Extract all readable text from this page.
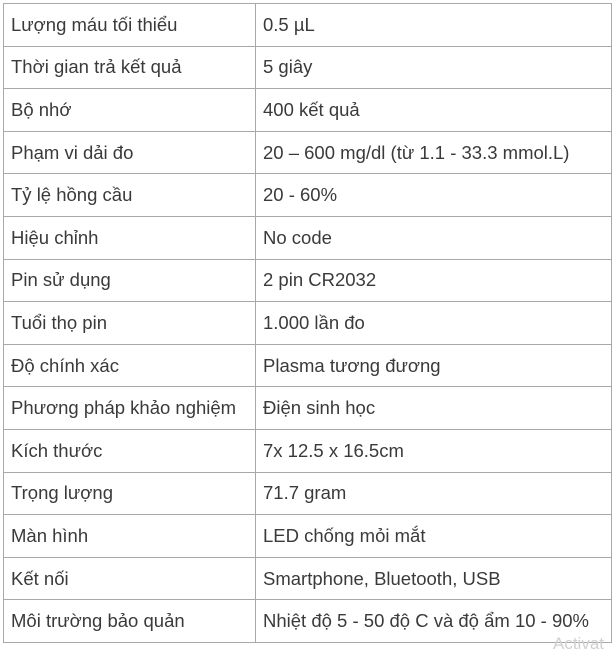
Lượng máu tối thiểu	0.5 µL
Thời gian trả kết quả	5 giây
Bộ nhớ	400 kết quả
Phạm vi dải đo	20 – 600 mg/dl (từ 1.1 - 33.3 mmol.L)
Tỷ lệ hồng cầu	20 - 60%
Hiệu chỉnh	No code
Pin sử dụng	2 pin CR2032
Tuổi thọ pin	1.000 lần đo
Độ chính xác	Plasma tương đương
Phương pháp khảo nghiệm	Điện sinh học
Kích thước	7x 12.5 x 16.5cm
Trọng lượng	71.7 gram
Màn hình	LED chống mỏi mắt
Kết nối	Smartphone, Bluetooth, USB
Môi trường bảo quản	Nhiệt độ 5 - 50 độ C và độ ẩm 10 - 90%
Activat
